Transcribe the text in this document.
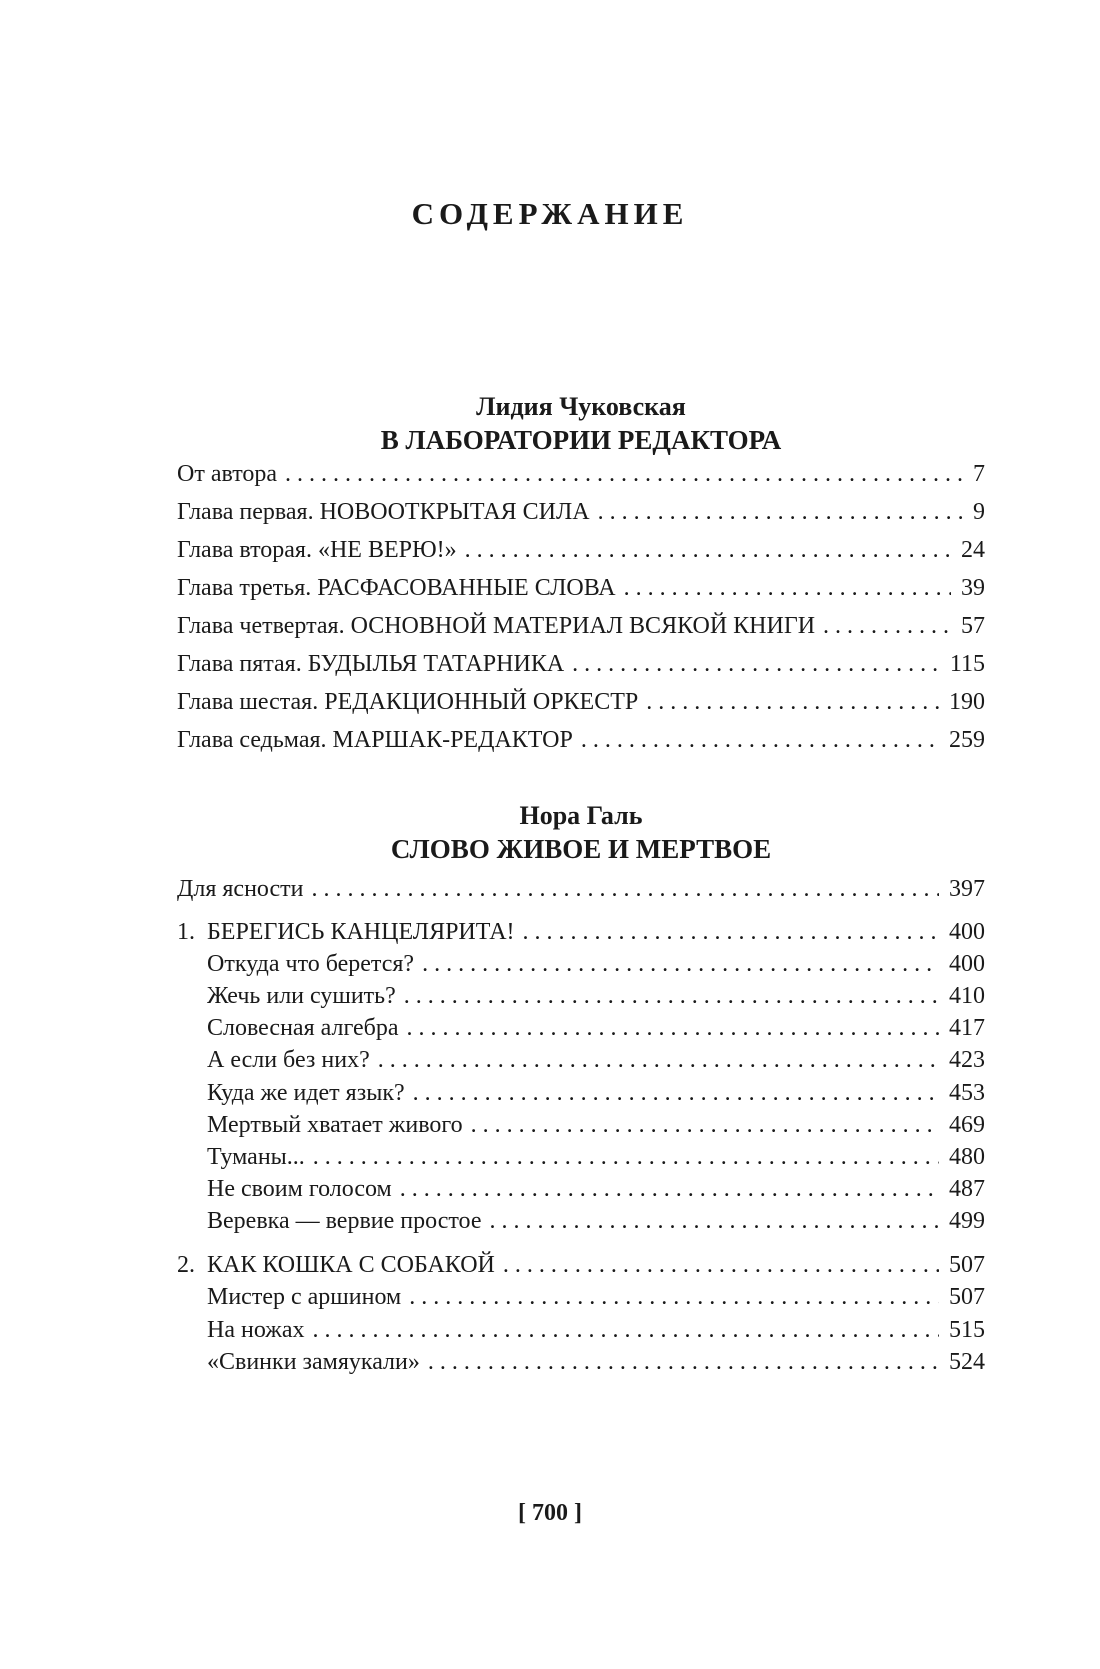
СОДЕРЖАНИЕ
Лидия Чуковская
В ЛАБОРАТОРИИ РЕДАКТОРА
От автора . . .	7
Глава первая. НОВООТКРЫТАЯ СИЛА . . .	9
Глава вторая. «НЕ ВЕРЮ!» . . .	24
Глава третья. РАСФАСОВАННЫЕ СЛОВА . . .	39
Глава четвертая. ОСНОВНОЙ МАТЕРИАЛ ВСЯКОЙ КНИГИ . . .	57
Глава пятая. БУДЫЛЬЯ ТАТАРНИКА . . .	115
Глава шестая. РЕДАКЦИОННЫЙ ОРКЕСТР . . .	190
Глава седьмая. МАРШАК-РЕДАКТОР . . .	259
Нора Галь
СЛОВО ЖИВОЕ И МЕРТВОЕ
Для ясности . . .	397
1. БЕРЕГИСЬ КАНЦЕЛЯРИТА! . . .	400
Откуда что берется? . . .	400
Жечь или сушить? . . .	410
Словесная алгебра . . .	417
А если без них? . . .	423
Куда же идет язык? . . .	453
Мертвый хватает живого . . .	469
Туманы... . . .	480
Не своим голосом . . .	487
Веревка — вервие простое . . .	499
2. КАК КОШКА С СОБАКОЙ . . .	507
Мистер с аршином . . .	507
На ножах . . .	515
«Свинки замяукали» . . .	524
[ 700 ]
